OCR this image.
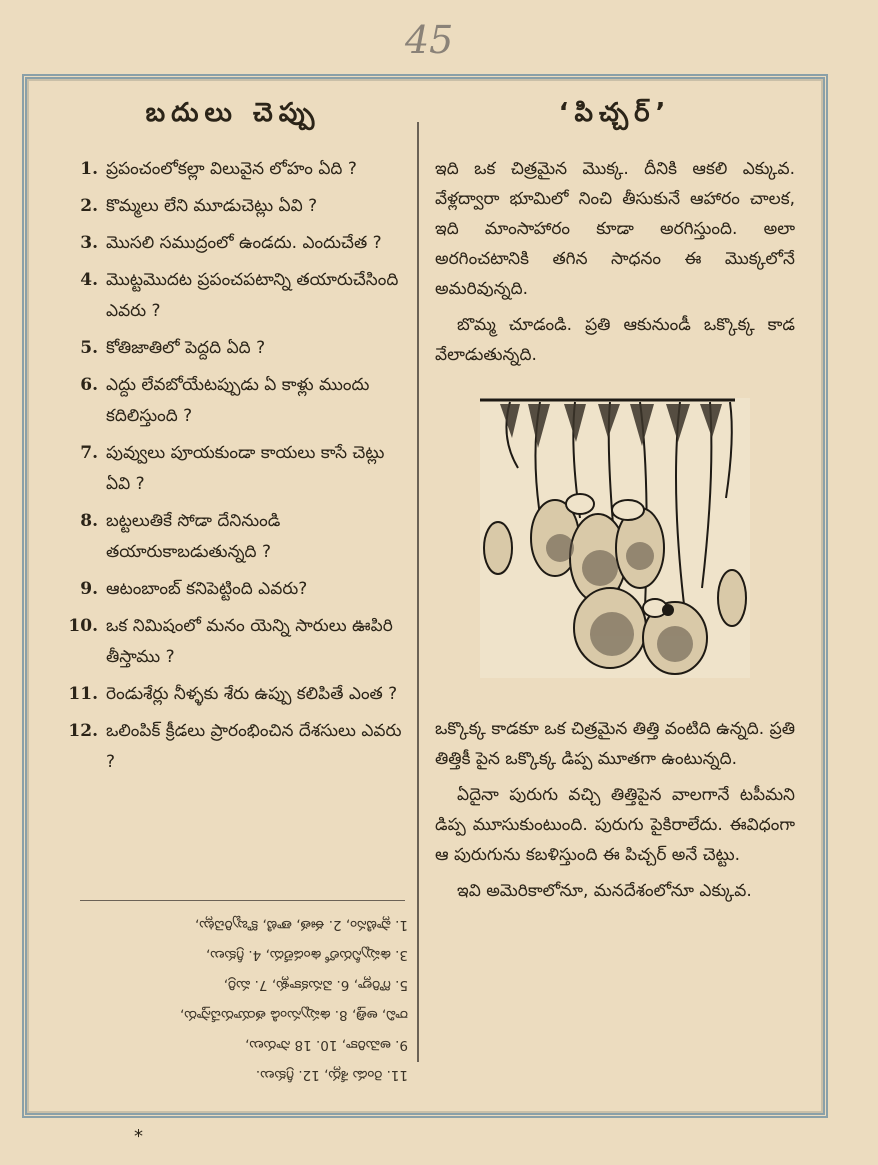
45
బదులు చెప్పు
1. ప్రపంచంలోకల్లా విలువైన లోహం ఏది ?
2. కొమ్మలు లేని మూడుచెట్లు ఏవి ?
3. మొసలి సముద్రంలో ఉండదు. ఎందుచేత ?
4. మొట్టమొదట ప్రపంచపటాన్ని తయారుచేసింది ఎవరు ?
5. కోతిజాతిలో పెద్దది ఏది ?
6. ఎద్దు లేవబోయేటప్పుడు ఏ కాళ్లు ముందు కదిలిస్తుంది ?
7. పువ్వులు పూయకుండా కాయలు కాసే చెట్లు ఏవి ?
8. బట్టలుతికే సోడా దేనినుండి తయారుకాబడుతున్నది ?
9. ఆటంబాంబ్ కనిపెట్టింది ఎవరు?
10. ఒక నిమిషంలో మనం యెన్ని సారులు ఊపిరి తీస్తాము ?
11. రెండుశేర్లు నీళ్ళకు శేరు ఉప్పు కలిపితే ఎంత ?
12. ఒలింపిక్ క్రీడలు ప్రారంభించిన దేశసులు ఎవరు ?
11. రెండు శేర్లు, 12. గ్రీకులు.
9. అమెరికా, 10. 18 సారులు,
రావి, అత్తి, 8. ఉప్పునుండి తయారుచేస్తారు,
5. గొరిల్లా, 6. వెనుకకాళ్లు, 7. మర్రి,
3. ఉప్పునీరులో ఉండలేదు, 4. గ్రీకులు,
1. ప్లాటినం, 2. ఈత, తాటి, కొబ్బరిచెట్లు,
‘పిచ్చర్’

ఇది ఒక చిత్రమైన మొక్క. దీనికి ఆకలి ఎక్కువ. వేళ్లద్వారా భూమిలో నించి తీసుకునే ఆహారం చాలక, ఇది మాంసాహారం కూడా అరగిస్తుంది. అలా అరగించటానికి తగిన సాధనం ఈ మొక్కలోనే అమరివున్నది.

బొమ్మ చూడండి. ప్రతి ఆకునుండీ ఒక్కొక్క కాడ వేలాడుతున్నది.

ఒక్కొక్క కాడకూ ఒక చిత్రమైన తిత్తి వంటిది ఉన్నది. ప్రతి తిత్తికీ పైన ఒక్కొక్క డిప్ప మూతగా ఉంటున్నది.

ఏదైనా పురుగు వచ్చి తిత్తిపైన వాలగానే టపీమని డిప్ప మూసుకుంటుంది. పురుగు పైకిరాలేదు. ఈవిధంగా ఆ పురుగును కబళిస్తుంది ఈ పిచ్చర్ అనే చెట్టు.

ఇవి అమెరికాలోనూ, మనదేశంలోనూ ఎక్కువ.

*
